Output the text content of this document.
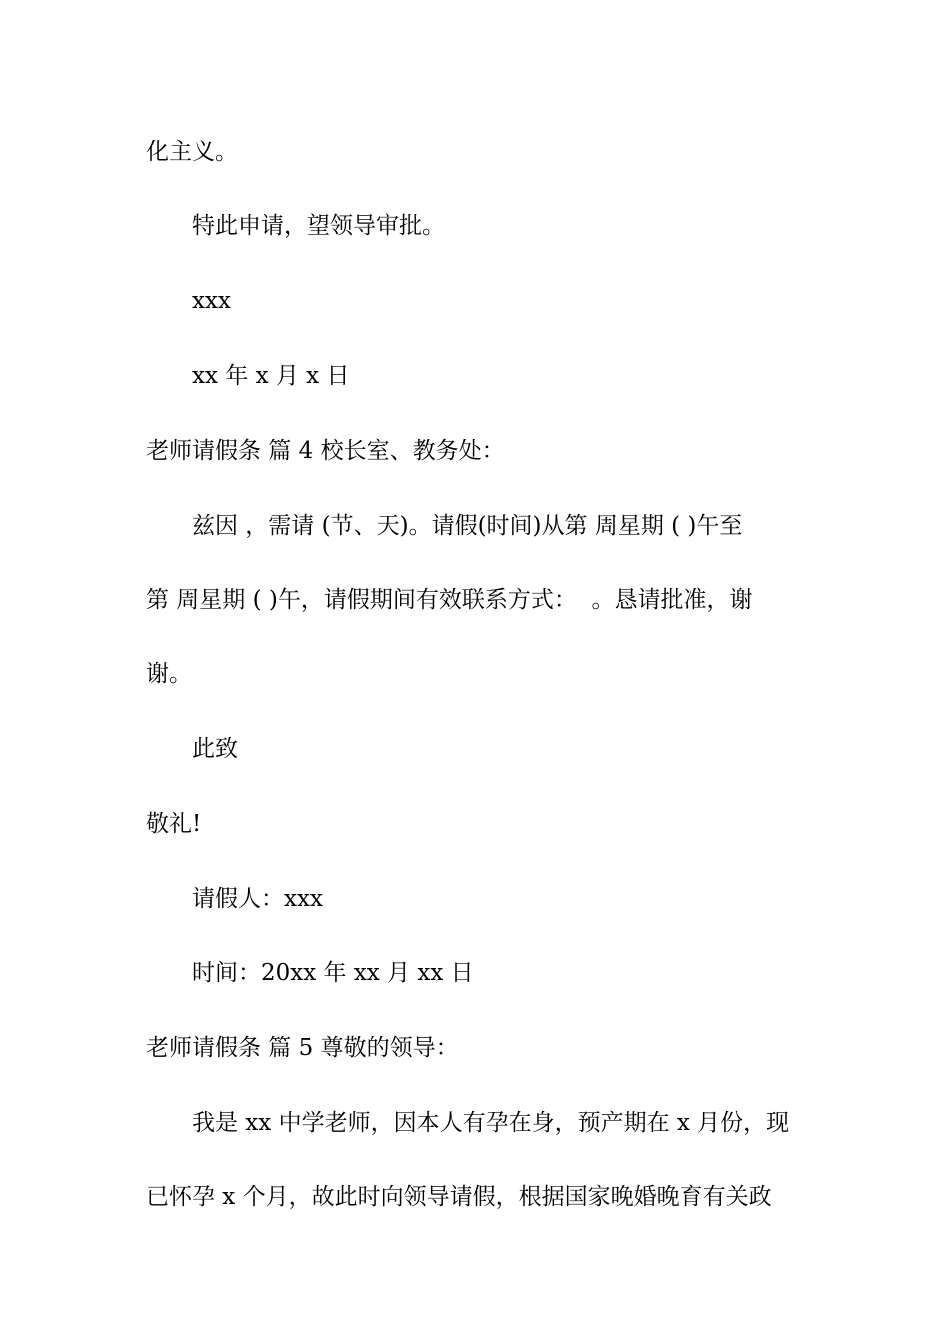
化主义。

特此申请，望领导审批。

xxx

xx 年 x 月 x 日

老师请假条 篇 4 校长室、教务处：

兹因 ，需请 (节、天)。请假(时间)从第 周星期 ( )午至

第 周星期 ( )午，请假期间有效联系方式：  。恳请批准，谢

谢。

此致

敬礼!

请假人：xxx

时间：20xx 年 xx 月 xx 日

老师请假条 篇 5 尊敬的领导：

我是 xx 中学老师，因本人有孕在身，预产期在 x 月份，现

已怀孕 x 个月，故此时向领导请假，根据国家晚婚晚育有关政
